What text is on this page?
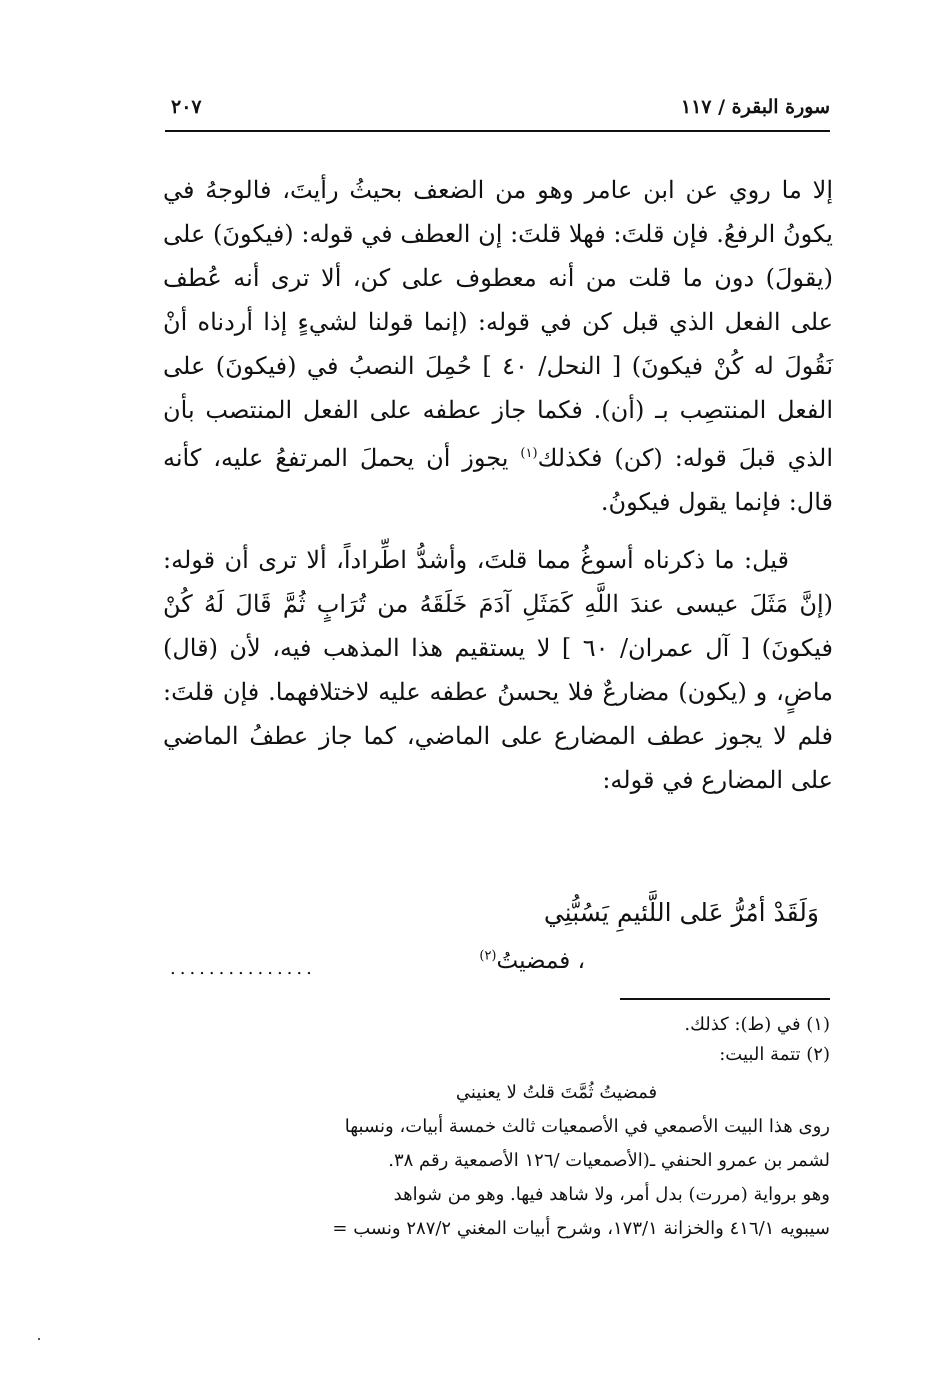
سورة البقرة / ١١٧
٢٠٧

إلا ما روي عن ابن عامر وهو من الضعف بحيثُ رأيتَ، فالوجهُ في يكونُ الرفعُ. فإن قلتَ: فهلا قلتَ: إن العطف في قوله: (فيكونَ) على (يقولَ) دون ما قلت من أنه معطوف على كن، ألا ترى أنه عُطف على الفعل الذي قبل كن في قوله: (إنما قولنا لشيءٍ إذا أردناه أنْ نَقُولَ له كُنْ فيكونَ) [ النحل/ ٤٠ ] حُمِلَ النصبُ في (فيكونَ) على الفعل المنتصِب بـ (أن). فكما جاز عطفه على الفعل المنتصب بأن الذي قبلَ قوله: (كن) فكذلك$^{(١)}$ يجوز أن يحملَ المرتفعُ عليه، كأنه قال: فإنما يقول فيكونُ.

قيل: ما ذكرناه أسوغُ مما قلتَ، وأشدُّ اطِّراداً، ألا ترى أن قوله: (إنَّ مَثَلَ عيسى عندَ اللَّهِ كَمَثَلِ آدَمَ خَلَقَهُ من تُرَابٍ ثُمَّ قَالَ لَهُ كُنْ فيكونَ) [ آل عمران/ ٦٠ ] لا يستقيم هذا المذهب فيه، لأن (قال) ماضٍ، و (يكون) مضارعٌ فلا يحسنُ عطفه عليه لاختلافهما. فإن قلتَ: فلم لا يجوز عطف المضارع على الماضي، كما جاز عطفُ الماضي على المضارع في قوله:

وَلَقَدْ أمُرُّ عَلى اللَّئيمِ يَسُبُّنِي
، فمضيتُ$^{(٢)}$
...............

(١) في (ط): كذلك.

(٢) تتمة البيت:

فمضيتُ ثُمَّتَ قلتُ لا يعنيني

روى هذا البيت الأصمعي في الأصمعيات ثالث خمسة أبيات، ونسبها
لشمر بن عمرو الحنفي ـ(الأصمعيات /١٢٦ الأصمعية رقم ٣٨.
وهو برواية (مررت) بدل أمر، ولا شاهد فيها. وهو من شواهد
سيبويه ٤١٦/١ والخزانة ١٧٣/١، وشرح أبيات المغني ٢٨٧/٢ ونسب =
